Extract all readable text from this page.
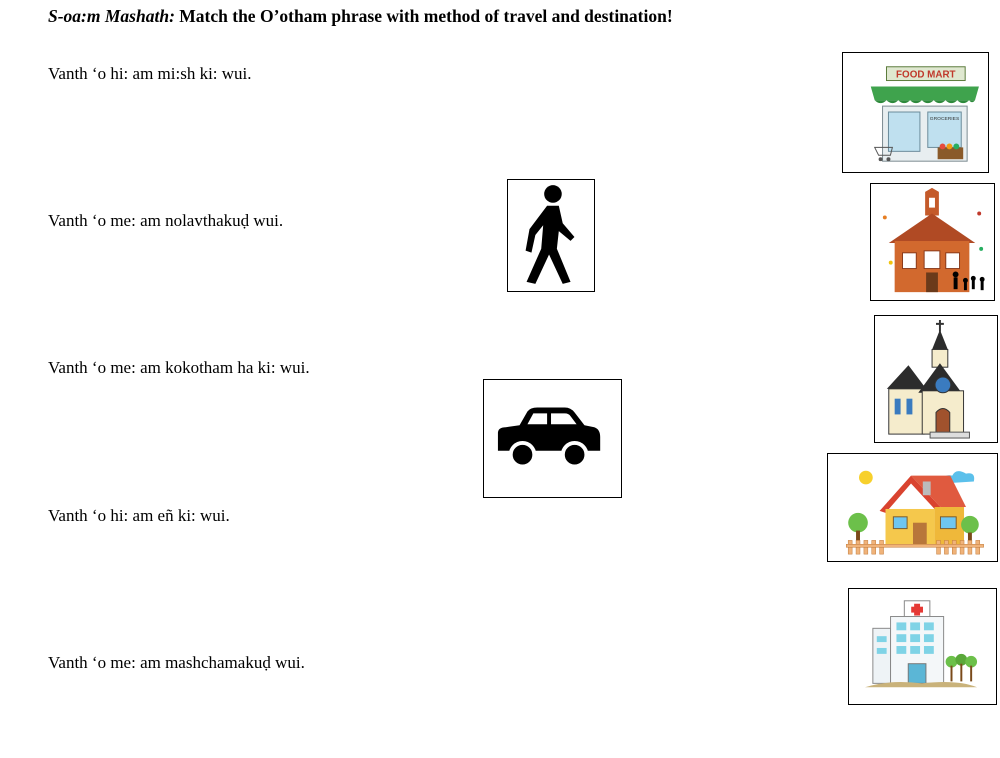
S-oa:m Mashath: Match the O’otham phrase with method of travel and destination!
Vanth ‘o hi: am mi:sh ki: wui.
Vanth ‘o me: am nolavthakuḍ wui.
Vanth ‘o me: am kokotham ha ki: wui.
Vanth ‘o hi: am eñ ki: wui.
Vanth ‘o me: am mashchamakuḍ wui.
FOOD MART
GROCERIES
